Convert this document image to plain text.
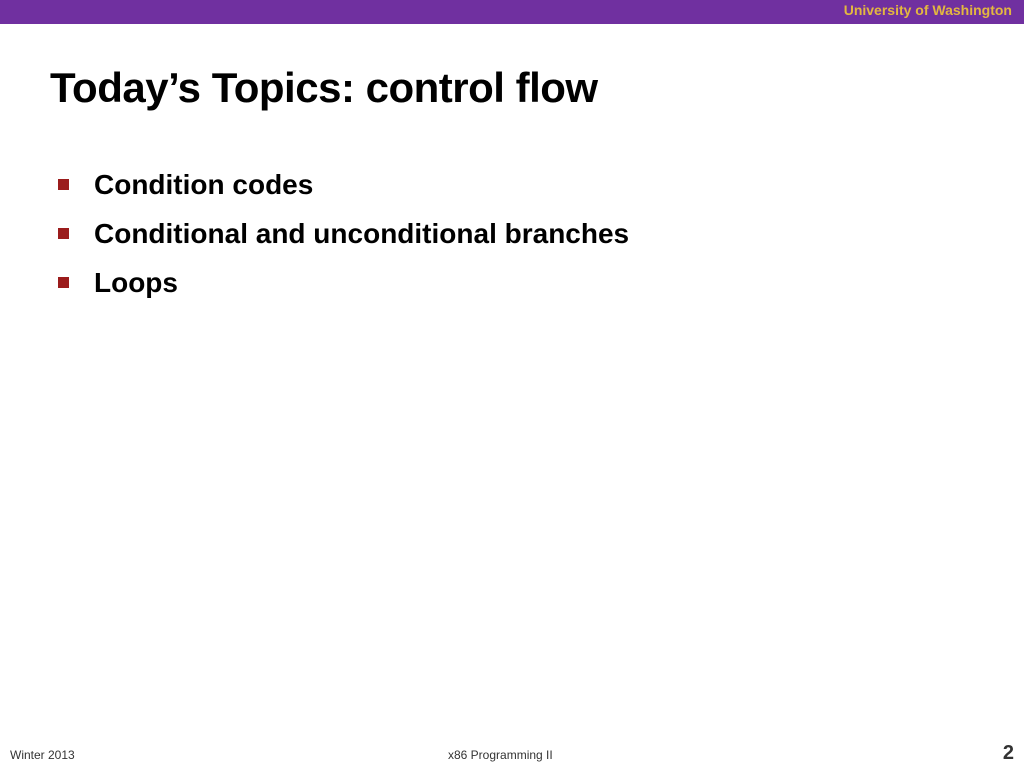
University of Washington
Today’s Topics: control flow
Condition codes
Conditional and unconditional branches
Loops
Winter 2013	x86 Programming II	2
